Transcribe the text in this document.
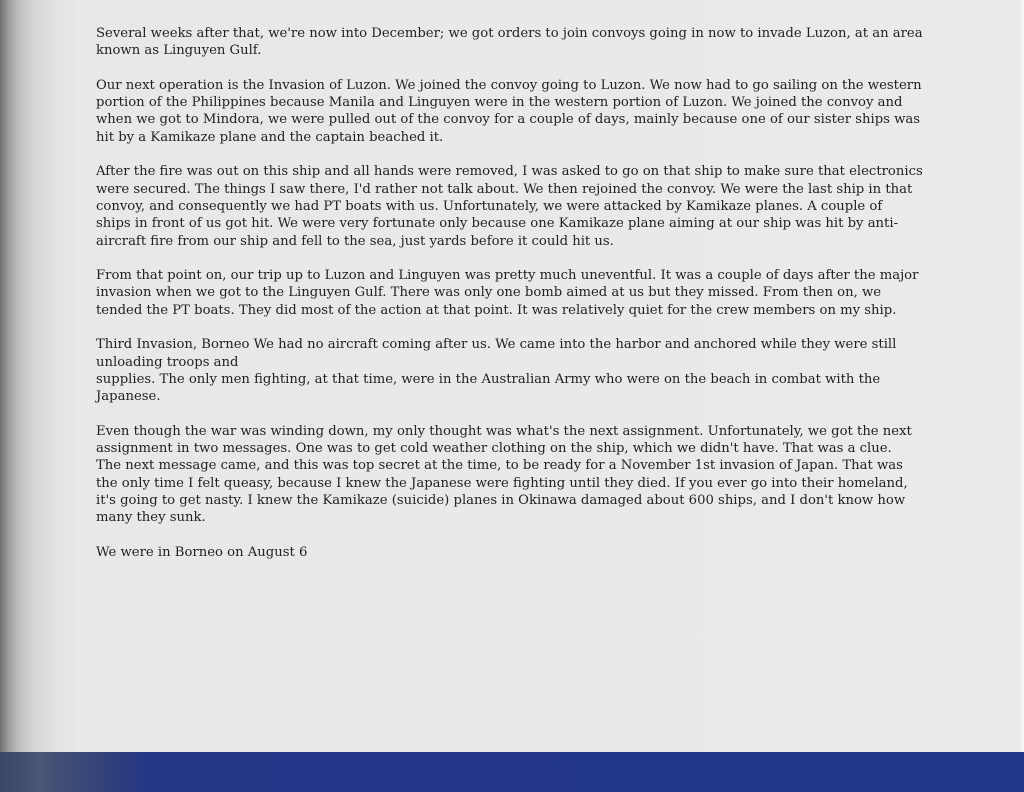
Several weeks after that, we're now into December; we got orders to join convoys going in now to invade Luzon, at an area
known as Linguyen Gulf.

Our next operation is the Invasion of Luzon. We joined the convoy going to Luzon. We now had to go sailing on the western
portion of the Philippines because Manila and Linguyen were in the western portion of Luzon. We joined the convoy and
when we got to Mindora, we were pulled out of the convoy for a couple of days, mainly because one of our sister ships was
hit by a Kamikaze plane and the captain beached it.

After the fire was out on this ship and all hands were removed, I was asked to go on that ship to make sure that electronics
were secured. The things I saw there, I'd rather not talk about. We then rejoined the convoy. We were the last ship in that
convoy, and consequently we had PT boats with us. Unfortunately, we were attacked by Kamikaze planes. A couple of
ships in front of us got hit. We were very fortunate only because one Kamikaze plane aiming at our ship was hit by anti-
aircraft fire from our ship and fell to the sea, just yards before it could hit us.

From that point on, our trip up to Luzon and Linguyen was pretty much uneventful. It was a couple of days after the major
invasion when we got to the Linguyen Gulf. There was only one bomb aimed at us but they missed. From then on, we
tended the PT boats. They did most of the action at that point. It was relatively quiet for the crew members on my ship.

Third Invasion, Borneo We had no aircraft coming after us. We came into the harbor and anchored while they were still
unloading troops and
supplies. The only men fighting, at that time, were in the Australian Army who were on the beach in combat with the
Japanese.

Even though the war was winding down, my only thought was what's the next assignment. Unfortunately, we got the next
assignment in two messages. One was to get cold weather clothing on the ship, which we didn't have. That was a clue.
The next message came, and this was top secret at the time, to be ready for a November 1st invasion of Japan. That was
the only time I felt queasy, because I knew the Japanese were fighting until they died. If you ever go into their homeland,
it's going to get nasty. I knew the Kamikaze (suicide) planes in Okinawa damaged about 600 ships, and I don't know how
many they sunk.

We were in Borneo on August 6
